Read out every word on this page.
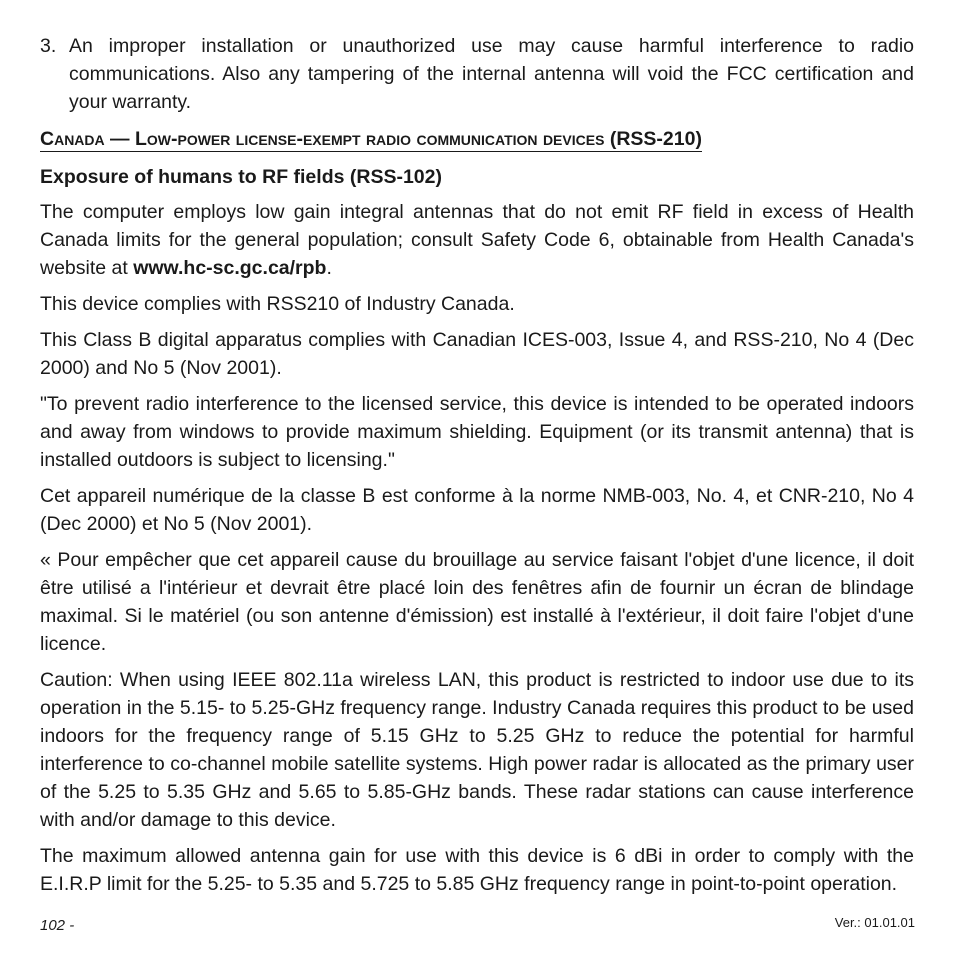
3. An improper installation or unauthorized use may cause harmful interference to radio communications. Also any tampering of the internal antenna will void the FCC certification and your warranty.

Canada — Low-power license-exempt radio communication devices (RSS-210)
Exposure of humans to RF fields (RSS-102)

The computer employs low gain integral antennas that do not emit RF field in excess of Health Canada limits for the general population; consult Safety Code 6, obtainable from Health Canada's website at www.hc-sc.gc.ca/rpb.

This device complies with RSS210 of Industry Canada.

This Class B digital apparatus complies with Canadian ICES-003, Issue 4, and RSS-210, No 4 (Dec 2000) and No 5 (Nov 2001).

"To prevent radio interference to the licensed service, this device is intended to be operated indoors and away from windows to provide maximum shielding. Equipment (or its transmit antenna) that is installed outdoors is subject to licensing."

Cet appareil numérique de la classe B est conforme à la norme NMB-003, No. 4, et CNR-210, No 4 (Dec 2000) et No 5 (Nov 2001).

« Pour empêcher que cet appareil cause du brouillage au service faisant l'objet d'une licence, il doit être utilisé a l'intérieur et devrait être placé loin des fenêtres afin de fournir un écran de blindage maximal. Si le matériel (ou son antenne d'émission) est installé à l'extérieur, il doit faire l'objet d'une licence.

Caution: When using IEEE 802.11a wireless LAN, this product is restricted to indoor use due to its operation in the 5.15- to 5.25-GHz frequency range. Industry Canada requires this product to be used indoors for the frequency range of 5.15 GHz to 5.25 GHz to reduce the potential for harmful interference to co-channel mobile satellite systems. High power radar is allocated as the primary user of the 5.25 to 5.35 GHz and 5.65 to 5.85-GHz bands. These radar stations can cause interference with and/or damage to this device.

The maximum allowed antenna gain for use with this device is 6 dBi in order to comply with the E.I.R.P limit for the 5.25- to 5.35 and 5.725 to 5.85 GHz frequency range in point-to-point operation.

102 -	Ver.: 01.01.01
